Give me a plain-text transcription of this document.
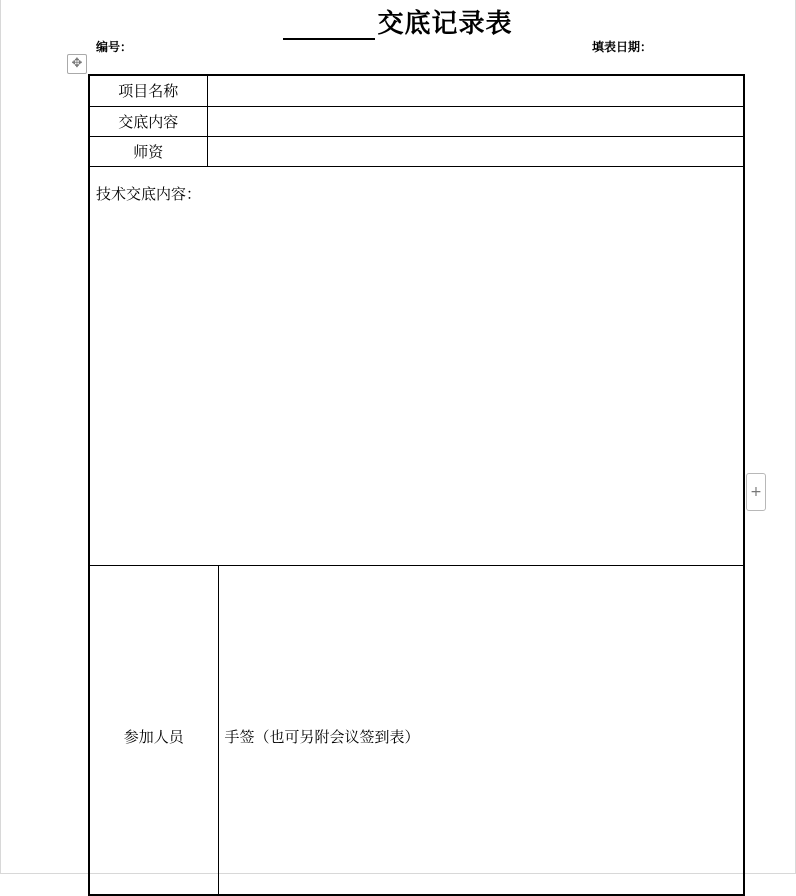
交底记录表
编号：	填表日期：
✥
项目名称		
交底内容		
师资		
技术交底内容：		
参加人员		手签（也可另附会议签到表）
+
